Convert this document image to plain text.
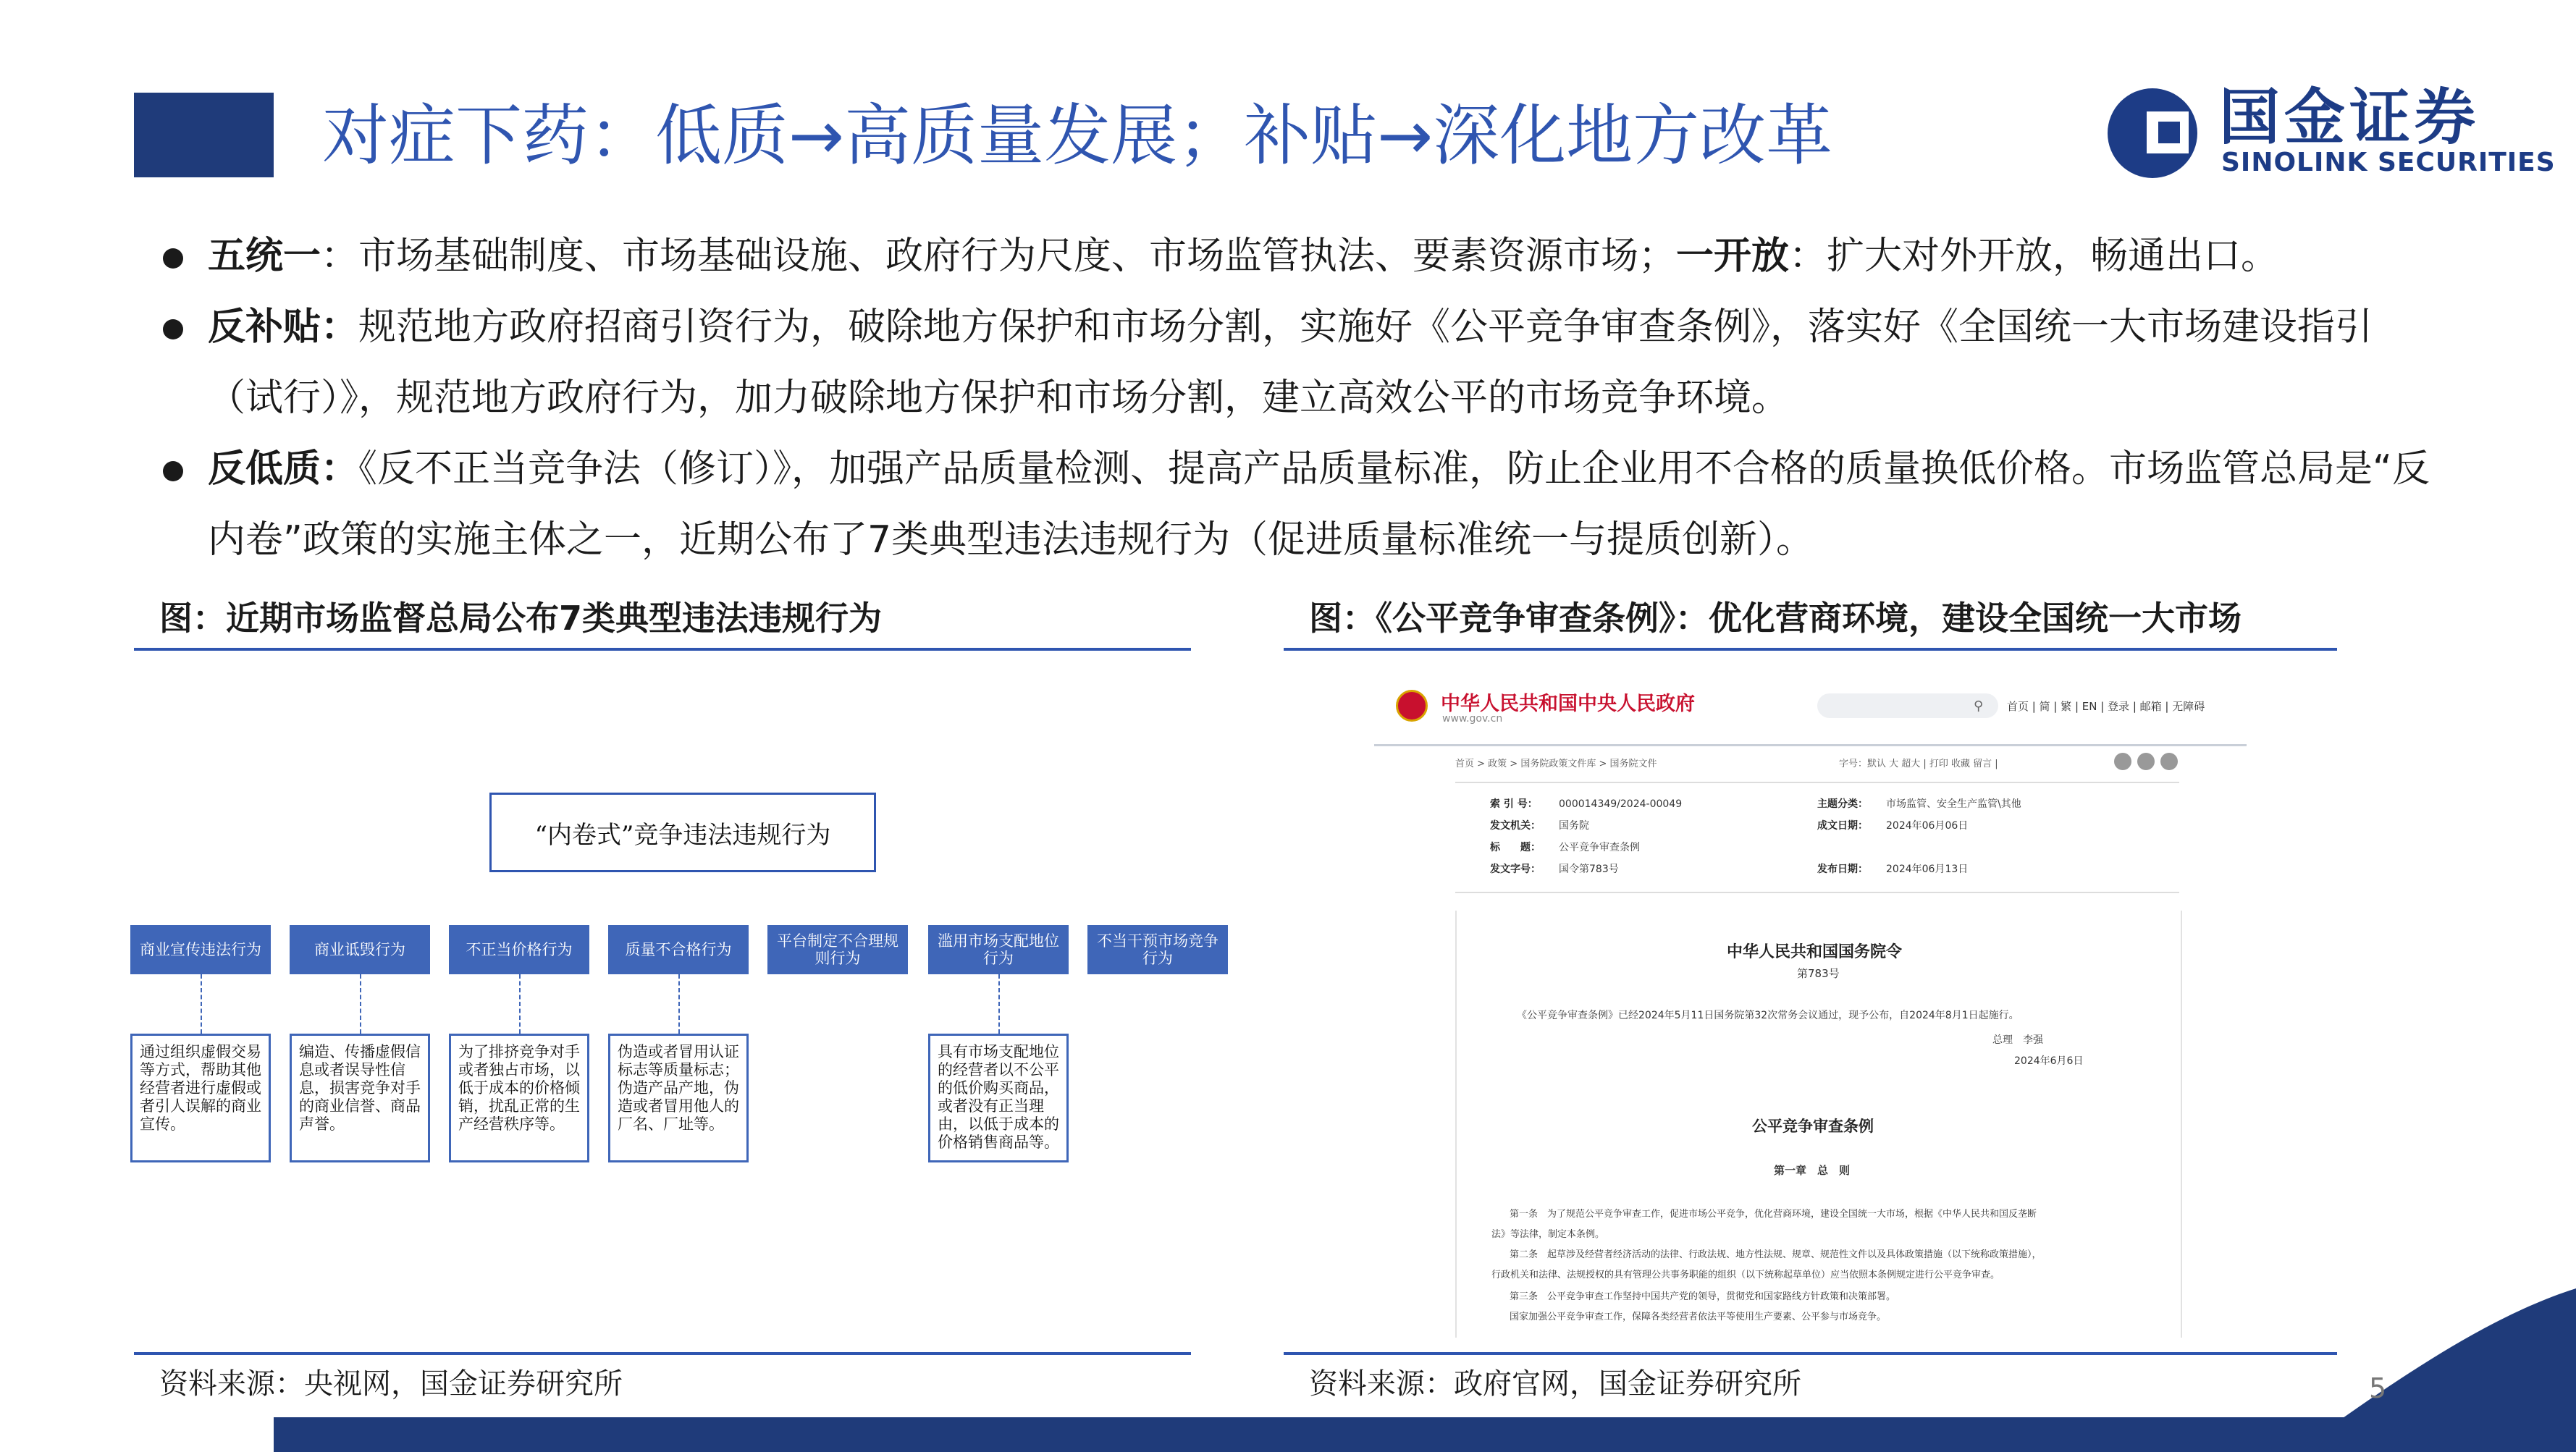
对症下药：低质→高质量发展；补贴→深化地方改革	国金证券
SINOLINK SECURITIES
五统一：市场基础制度、市场基础设施、政府行为尺度、市场监管执法、要素资源市场；一开放：扩大对外开放，畅通出口。
反补贴：规范地方政府招商引资行为，破除地方保护和市场分割，实施好《公平竞争审查条例》，落实好《全国统一大市场建设指引（试行）》，规范地方政府行为，加力破除地方保护和市场分割，建立高效公平的市场竞争环境。
反低质：《反不正当竞争法（修订）》，加强产品质量检测、提高产品质量标准，防止企业用不合格的质量换低价格。市场监管总局是“反内卷”政策的实施主体之一，近期公布了7类典型违法违规行为（促进质量标准统一与提质创新）。
图：近期市场监督总局公布7类典型违法违规行为	图：《公平竞争审查条例》：优化营商环境，建设全国统一大市场
“内卷式”竞争违法违规行为
商业宣传违法行为	商业诋毁行为	不正当价格行为	质量不合格行为	平台制定不合理规则行为
滥用市场支配地位行为
不当干预市场竞争行为
通过组织虚假交易等方式，帮助其他经营者进行虚假或者引人误解的商业宣传。
编造、传播虚假信息或者误导性信息，损害竞争对手的商业信誉、商品声誉。
为了排挤竞争对手或者独占市场，以低于成本的价格倾销，扰乱正常的生产经营秩序等。
伪造或者冒用认证标志等质量标志；伪造产品产地，伪造或者冒用他人的厂名、厂址等。
具有市场支配地位的经营者以不公平的低价购买商品，或者没有正当理由，以低于成本的价格销售商品等。
中华人民共和国中央人民政府
www.gov.cn
⚲ 首页 | 简 | 繁 | EN | 登录 | 邮箱 | 无障碍
首页 > 政策 > 国务院政策文件库 > 国务院文件	字号：默认 大 超大 | 打印 收藏 留言 |
索 引 号： 000014349/2024-00049	主题分类： 市场监管、安全生产监管\其他
发文机关： 国务院	成文日期： 2024年06月06日
标　　题： 公平竞争审查条例
发文字号： 国令第783号	发布日期： 2024年06月13日
中华人民共和国国务院令
第783号
《公平竞争审查条例》已经2024年5月11日国务院第32次常务会议通过，现予公布，自2024年8月1日起施行。
总理　李强
2024年6月6日
公平竞争审查条例
第一章　总　则
第一条　为了规范公平竞争审查工作，促进市场公平竞争，优化营商环境，建设全国统一大市场，根据《中华人民共和国反垄断
法》等法律，制定本条例。
第二条　起草涉及经营者经济活动的法律、行政法规、地方性法规、规章、规范性文件以及具体政策措施（以下统称政策措施），
行政机关和法律、法规授权的具有管理公共事务职能的组织（以下统称起草单位）应当依照本条例规定进行公平竞争审查。
第三条　公平竞争审查工作坚持中国共产党的领导，贯彻党和国家路线方针政策和决策部署。
国家加强公平竞争审查工作，保障各类经营者依法平等使用生产要素、公平参与市场竞争。
资料来源：央视网，国金证券研究所	资料来源：政府官网，国金证券研究所	5
